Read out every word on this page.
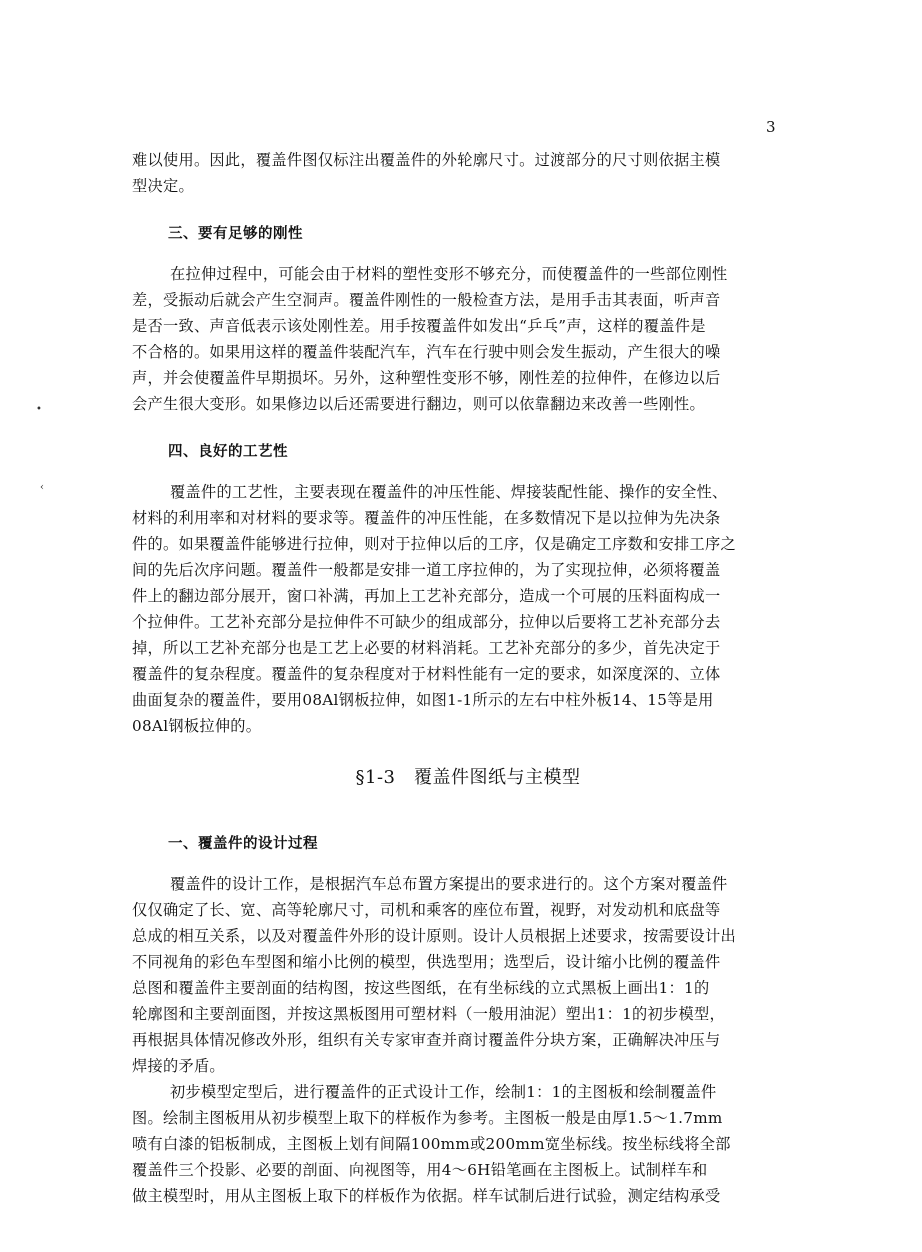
3
•
‹
难以使用。因此，覆盖件图仅标注出覆盖件的外轮廓尺寸。过渡部分的尺寸则依据主模
型决定。
三、要有足够的刚性
在拉伸过程中，可能会由于材料的塑性变形不够充分，而使覆盖件的一些部位刚性
差，受振动后就会产生空洞声。覆盖件刚性的一般检查方法，是用手击其表面，听声音
是否一致、声音低表示该处刚性差。用手按覆盖件如发出“乒乓”声，这样的覆盖件是
不合格的。如果用这样的覆盖件装配汽车，汽车在行驶中则会发生振动，产生很大的噪
声，并会使覆盖件早期损坏。另外，这种塑性变形不够，刚性差的拉伸件，在修边以后
会产生很大变形。如果修边以后还需要进行翻边，则可以依靠翻边来改善一些刚性。
四、良好的工艺性
覆盖件的工艺性，主要表现在覆盖件的冲压性能、焊接装配性能、操作的安全性、
材料的利用率和对材料的要求等。覆盖件的冲压性能，在多数情况下是以拉伸为先决条
件的。如果覆盖件能够进行拉伸，则对于拉伸以后的工序，仅是确定工序数和安排工序之
间的先后次序问题。覆盖件一般都是安排一道工序拉伸的，为了实现拉伸，必须将覆盖
件上的翻边部分展开，窗口补满，再加上工艺补充部分，造成一个可展的压料面构成一
个拉伸件。工艺补充部分是拉伸件不可缺少的组成部分，拉伸以后要将工艺补充部分去
掉，所以工艺补充部分也是工艺上必要的材料消耗。工艺补充部分的多少，首先决定于
覆盖件的复杂程度。覆盖件的复杂程度对于材料性能有一定的要求，如深度深的、立体
曲面复杂的覆盖件，要用08Al钢板拉伸，如图1-1所示的左右中柱外板14、15等是用
08Al钢板拉伸的。
§1-3　覆盖件图纸与主模型
一、覆盖件的设计过程
覆盖件的设计工作，是根据汽车总布置方案提出的要求进行的。这个方案对覆盖件
仅仅确定了长、宽、高等轮廓尺寸，司机和乘客的座位布置，视野，对发动机和底盘等
总成的相互关系，以及对覆盖件外形的设计原则。设计人员根据上述要求，按需要设计出
不同视角的彩色车型图和缩小比例的模型，供选型用；选型后，设计缩小比例的覆盖件
总图和覆盖件主要剖面的结构图，按这些图纸，在有坐标线的立式黑板上画出1：1的
轮廓图和主要剖面图，并按这黑板图用可塑材料（一般用油泥）塑出1：1的初步模型，
再根据具体情况修改外形，组织有关专家审查并商讨覆盖件分块方案，正确解决冲压与
焊接的矛盾。
初步模型定型后，进行覆盖件的正式设计工作，绘制1：1的主图板和绘制覆盖件
图。绘制主图板用从初步模型上取下的样板作为参考。主图板一般是由厚1.5～1.7mm
喷有白漆的铝板制成，主图板上划有间隔100mm或200mm宽坐标线。按坐标线将全部
覆盖件三个投影、必要的剖面、向视图等，用4～6H铅笔画在主图板上。试制样车和
做主模型时，用从主图板上取下的样板作为依据。样车试制后进行试验，测定结构承受
